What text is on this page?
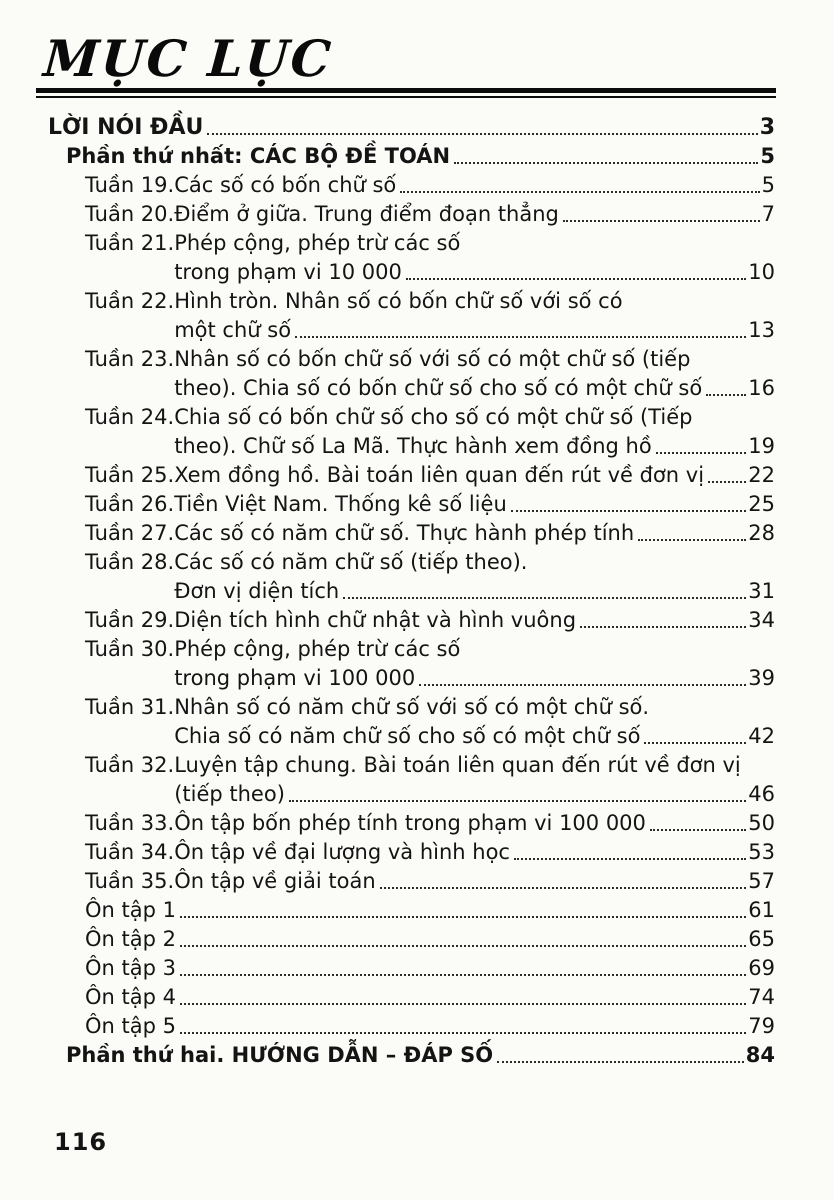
MỤC LỤC
LỜI NÓI ĐẦU	3
Phần thứ nhất: CÁC BỘ ĐỀ TOÁN	5
Tuần 19. Các số có bốn chữ số	5
Tuần 20. Điểm ở giữa. Trung điểm đoạn thẳng	7
Tuần 21. Phép cộng, phép trừ các số
trong phạm vi 10 000	10
Tuần 22. Hình tròn. Nhân số có bốn chữ số với số có
một chữ số	13
Tuần 23. Nhân số có bốn chữ số với số có một chữ số (tiếp
theo). Chia số có bốn chữ số cho số có một chữ số 16
Tuần 24. Chia số có bốn chữ số cho số có một chữ số (Tiếp
theo). Chữ số La Mã. Thực hành xem đồng hồ	19
Tuần 25. Xem đồng hồ. Bài toán liên quan đến rút về đơn vị 22
Tuần 26. Tiền Việt Nam. Thống kê số liệu	25
Tuần 27. Các số có năm chữ số. Thực hành phép tính	28
Tuần 28. Các số có năm chữ số (tiếp theo).
Đơn vị diện tích	31
Tuần 29. Diện tích hình chữ nhật và hình vuông	34
Tuần 30. Phép cộng, phép trừ các số
trong phạm vi 100 000	39
Tuần 31. Nhân số có năm chữ số với số có một chữ số.
Chia số có năm chữ số cho số có một chữ số	42
Tuần 32. Luyện tập chung. Bài toán liên quan đến rút về đơn vị
(tiếp theo)	46
Tuần 33. Ôn tập bốn phép tính trong phạm vi 100 000	50
Tuần 34. Ôn tập về đại lượng và hình học	53
Tuần 35. Ôn tập về giải toán	57
Ôn tập 1	61
Ôn tập 2	65
Ôn tập 3	69
Ôn tập 4	74
Ôn tập 5	79
Phần thứ hai. HƯỚNG DẪN – ĐÁP SỐ	84
116
